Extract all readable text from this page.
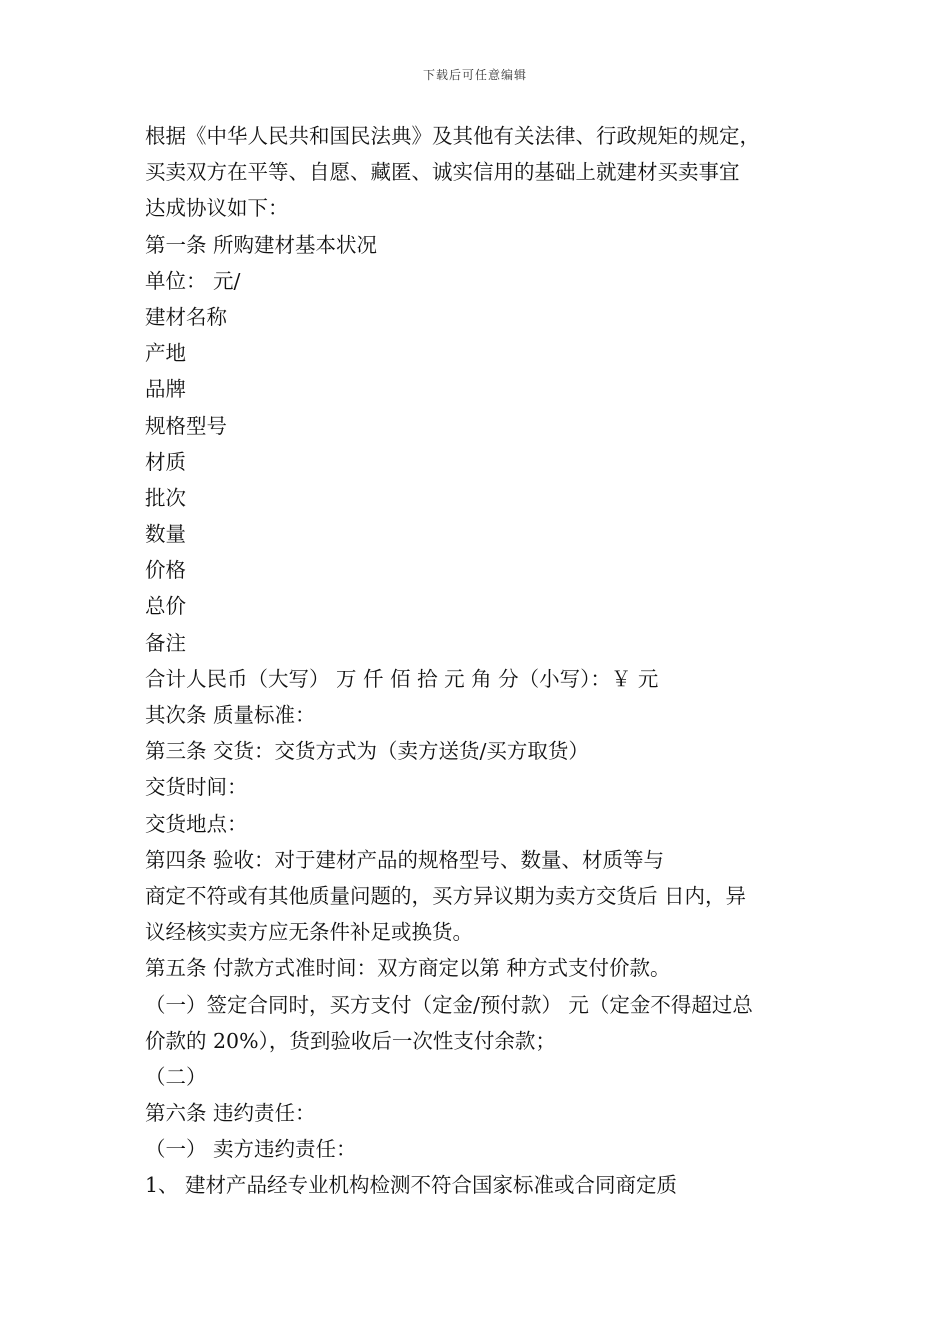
下载后可任意编辑
根据《中华人民共和国民法典》及其他有关法律、行政规矩的规定，
买卖双方在平等、自愿、藏匿、诚实信用的基础上就建材买卖事宜
达成协议如下：
第一条 所购建材基本状况
单位： 元/
建材名称
产地
品牌
规格型号
材质
批次
数量
价格
总价
备注
合计人民币（大写） 万 仟 佰 拾 元 角 分（小写）：￥ 元
其次条 质量标准：
第三条 交货：交货方式为（卖方送货/买方取货）
交货时间：
交货地点：
第四条 验收：对于建材产品的规格型号、数量、材质等与
商定不符或有其他质量问题的，买方异议期为卖方交货后 日内，异
议经核实卖方应无条件补足或换货。
第五条 付款方式准时间：双方商定以第 种方式支付价款。
（一）签定合同时，买方支付（定金/预付款） 元（定金不得超过总
价款的 20%），货到验收后一次性支付余款；
（二）
第六条 违约责任：
（一） 卖方违约责任：
1、 建材产品经专业机构检测不符合国家标准或合同商定质
